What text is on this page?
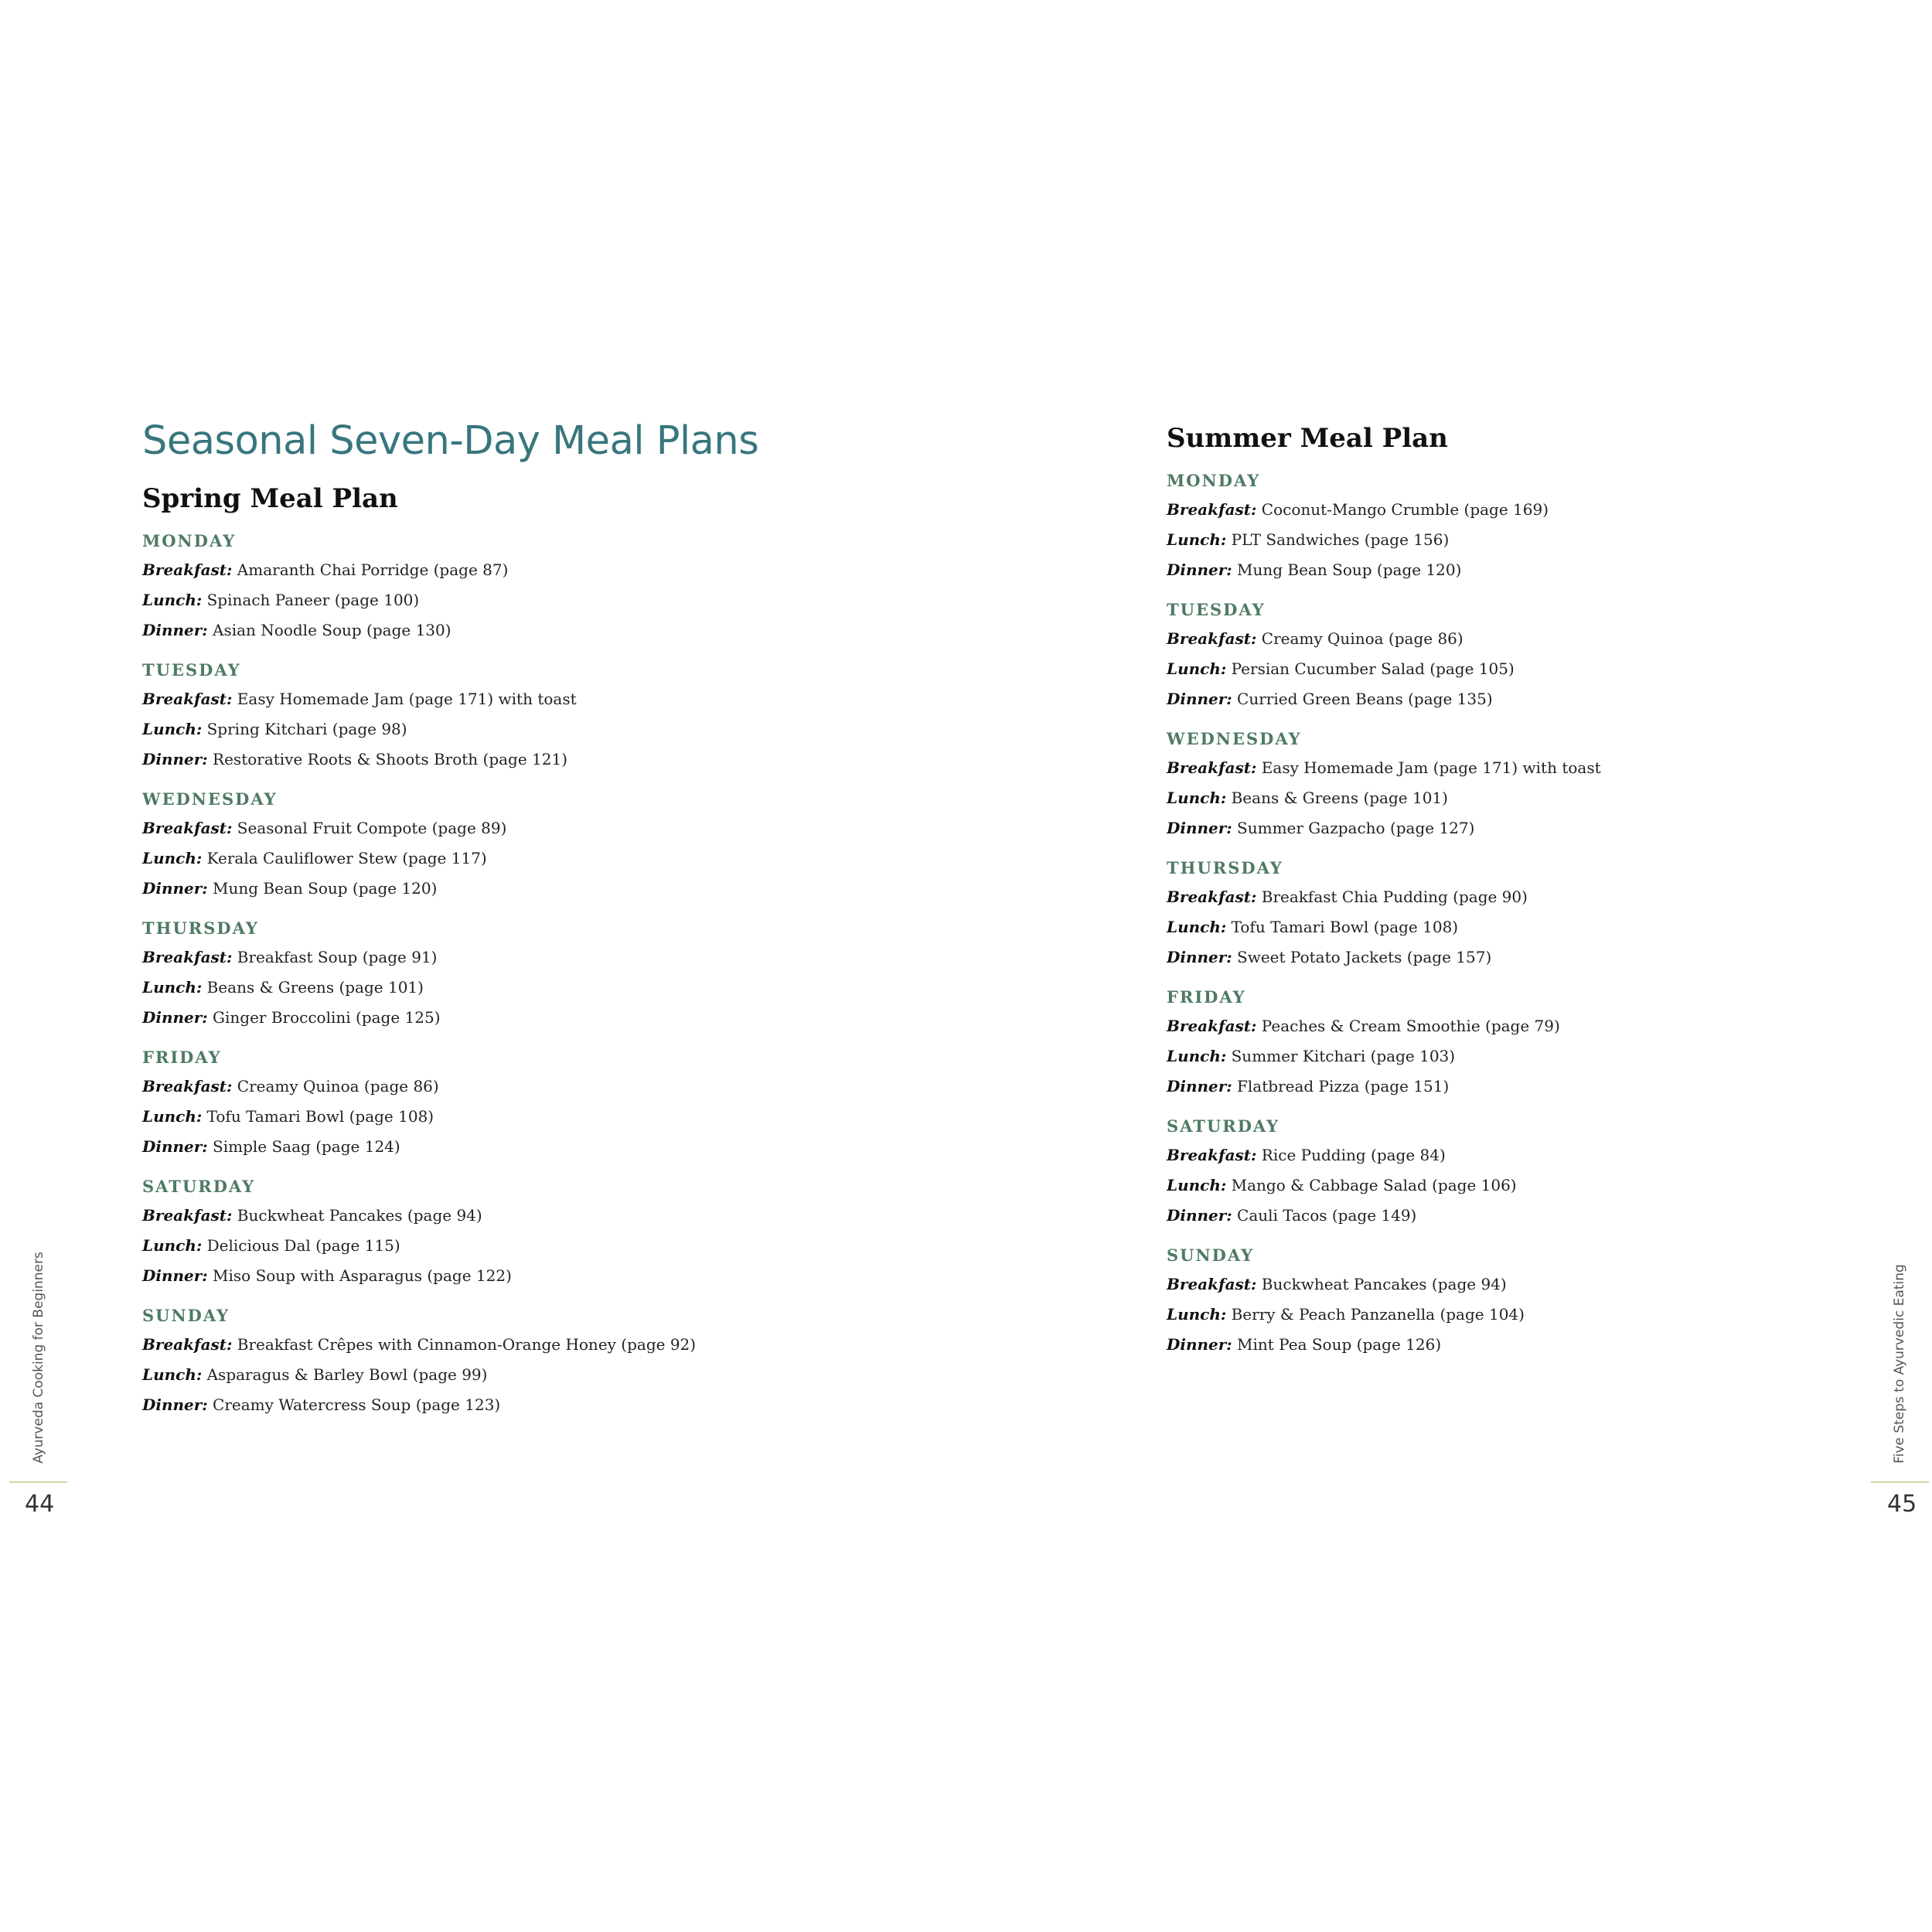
Seasonal Seven-Day Meal Plans
Spring Meal Plan
MONDAY
Breakfast: Amaranth Chai Porridge (page 87)
Lunch: Spinach Paneer (page 100)
Dinner: Asian Noodle Soup (page 130)
TUESDAY
Breakfast: Easy Homemade Jam (page 171) with toast
Lunch: Spring Kitchari (page 98)
Dinner: Restorative Roots & Shoots Broth (page 121)
WEDNESDAY
Breakfast: Seasonal Fruit Compote (page 89)
Lunch: Kerala Cauliflower Stew (page 117)
Dinner: Mung Bean Soup (page 120)
THURSDAY
Breakfast: Breakfast Soup (page 91)
Lunch: Beans & Greens (page 101)
Dinner: Ginger Broccolini (page 125)
FRIDAY
Breakfast: Creamy Quinoa (page 86)
Lunch: Tofu Tamari Bowl (page 108)
Dinner: Simple Saag (page 124)
SATURDAY
Breakfast: Buckwheat Pancakes (page 94)
Lunch: Delicious Dal (page 115)
Dinner: Miso Soup with Asparagus (page 122)
SUNDAY
Breakfast: Breakfast Crêpes with Cinnamon-Orange Honey (page 92)
Lunch: Asparagus & Barley Bowl (page 99)
Dinner: Creamy Watercress Soup (page 123)
Summer Meal Plan
MONDAY
Breakfast: Coconut-Mango Crumble (page 169)
Lunch: PLT Sandwiches (page 156)
Dinner: Mung Bean Soup (page 120)
TUESDAY
Breakfast: Creamy Quinoa (page 86)
Lunch: Persian Cucumber Salad (page 105)
Dinner: Curried Green Beans (page 135)
WEDNESDAY
Breakfast: Easy Homemade Jam (page 171) with toast
Lunch: Beans & Greens (page 101)
Dinner: Summer Gazpacho (page 127)
THURSDAY
Breakfast: Breakfast Chia Pudding (page 90)
Lunch: Tofu Tamari Bowl (page 108)
Dinner: Sweet Potato Jackets (page 157)
FRIDAY
Breakfast: Peaches & Cream Smoothie (page 79)
Lunch: Summer Kitchari (page 103)
Dinner: Flatbread Pizza (page 151)
SATURDAY
Breakfast: Rice Pudding (page 84)
Lunch: Mango & Cabbage Salad (page 106)
Dinner: Cauli Tacos (page 149)
SUNDAY
Breakfast: Buckwheat Pancakes (page 94)
Lunch: Berry & Peach Panzanella (page 104)
Dinner: Mint Pea Soup (page 126)
Ayurveda Cooking for Beginners
44
Five Steps to Ayurvedic Eating
45
